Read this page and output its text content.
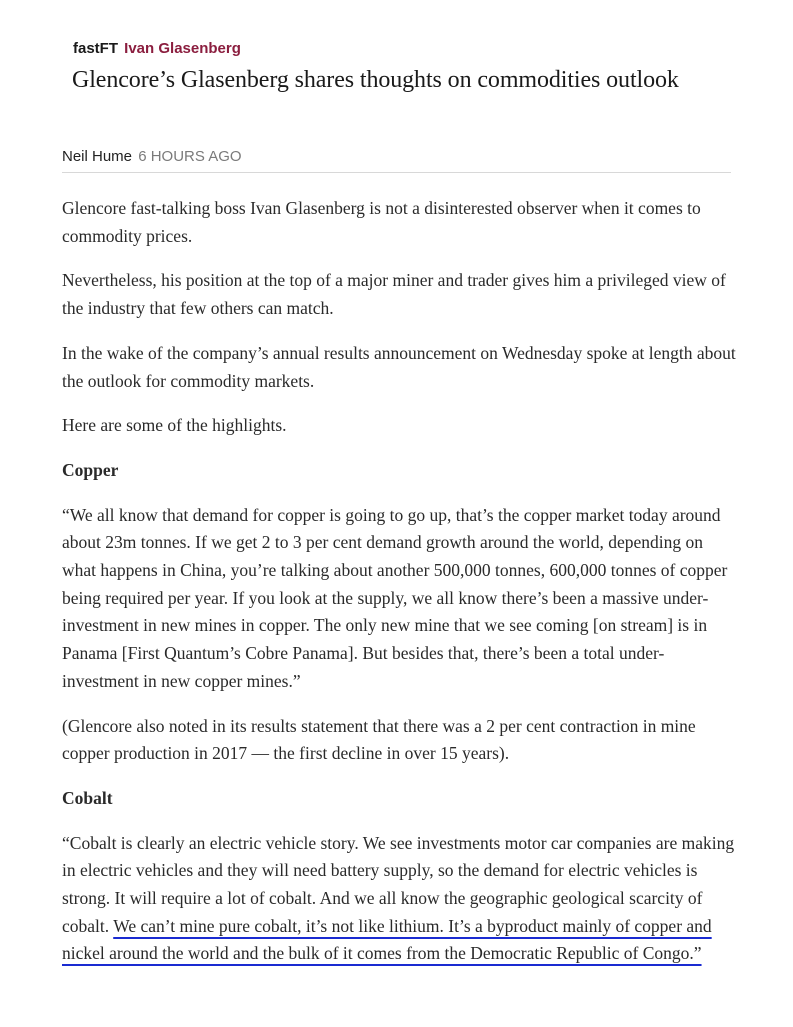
fastFT Ivan Glasenberg
Glencore’s Glasenberg shares thoughts on commodities outlook
Neil Hume 6 HOURS AGO

Glencore fast-talking boss Ivan Glasenberg is not a disinterested observer when it comes to commodity prices.

Nevertheless, his position at the top of a major miner and trader gives him a privileged view of the industry that few others can match.

In the wake of the company’s annual results announcement on Wednesday spoke at length about the outlook for commodity markets.

Here are some of the highlights.

Copper

“We all know that demand for copper is going to go up, that’s the copper market today around about 23m tonnes. If we get 2 to 3 per cent demand growth around the world, depending on what happens in China, you’re talking about another 500,000 tonnes, 600,000 tonnes of copper being required per year. If you look at the supply, we all know there’s been a massive under-investment in new mines in copper. The only new mine that we see coming [on stream] is in Panama [First Quantum’s Cobre Panama]. But besides that, there’s been a total under-investment in new copper mines.”

(Glencore also noted in its results statement that there was a 2 per cent contraction in mine copper production in 2017 — the first decline in over 15 years).

Cobalt

“Cobalt is clearly an electric vehicle story. We see investments motor car companies are making in electric vehicles and they will need battery supply, so the demand for electric vehicles is strong. It will require a lot of cobalt. And we all know the geographic geological scarcity of cobalt. We can’t mine pure cobalt, it’s not like lithium. It’s a byproduct mainly of copper and nickel around the world and the bulk of it comes from the Democratic Republic of Congo.”
